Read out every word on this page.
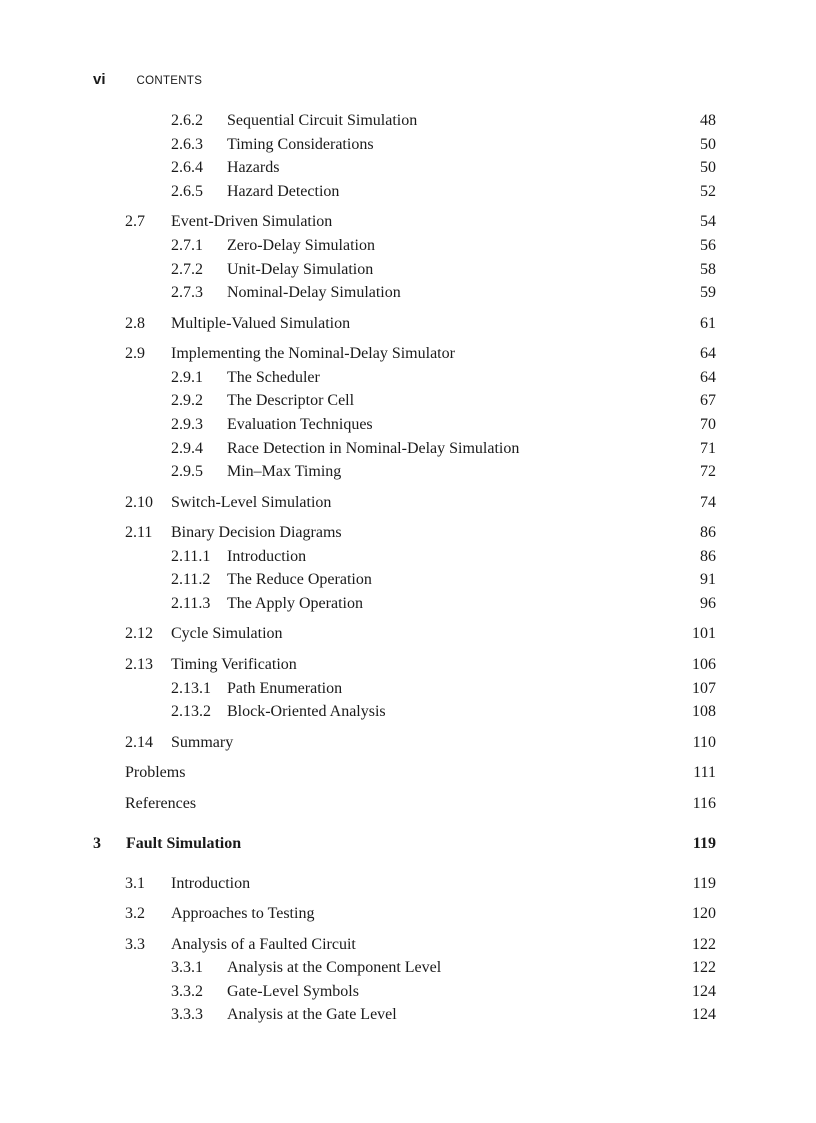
vi	CONTENTS
2.6.2 Sequential Circuit Simulation	48
2.6.3 Timing Considerations	50
2.6.4 Hazards	50
2.6.5 Hazard Detection	52
2.7 Event-Driven Simulation	54
2.7.1 Zero-Delay Simulation	56
2.7.2 Unit-Delay Simulation	58
2.7.3 Nominal-Delay Simulation	59
2.8 Multiple-Valued Simulation	61
2.9 Implementing the Nominal-Delay Simulator	64
2.9.1 The Scheduler	64
2.9.2 The Descriptor Cell	67
2.9.3 Evaluation Techniques	70
2.9.4 Race Detection in Nominal-Delay Simulation	71
2.9.5 Min–Max Timing	72
2.10 Switch-Level Simulation	74
2.11 Binary Decision Diagrams	86
2.11.1 Introduction	86
2.11.2 The Reduce Operation	91
2.11.3 The Apply Operation	96
2.12 Cycle Simulation	101
2.13 Timing Verification	106
2.13.1 Path Enumeration	107
2.13.2 Block-Oriented Analysis	108
2.14 Summary	110
Problems	111
References	116
3 Fault Simulation	119
3.1 Introduction	119
3.2 Approaches to Testing	120
3.3 Analysis of a Faulted Circuit	122
3.3.1 Analysis at the Component Level	122
3.3.2 Gate-Level Symbols	124
3.3.3 Analysis at the Gate Level	124
